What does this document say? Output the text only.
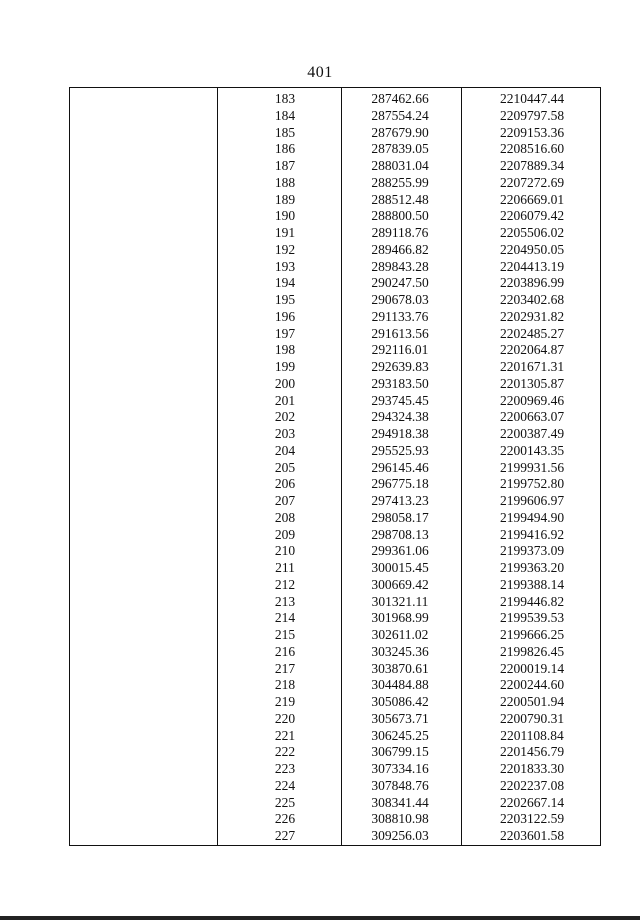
401
183	287462.66	2210447.44
184	287554.24	2209797.58
185	287679.90	2209153.36
186	287839.05	2208516.60
187	288031.04	2207889.34
188	288255.99	2207272.69
189	288512.48	2206669.01
190	288800.50	2206079.42
191	289118.76	2205506.02
192	289466.82	2204950.05
193	289843.28	2204413.19
194	290247.50	2203896.99
195	290678.03	2203402.68
196	291133.76	2202931.82
197	291613.56	2202485.27
198	292116.01	2202064.87
199	292639.83	2201671.31
200	293183.50	2201305.87
201	293745.45	2200969.46
202	294324.38	2200663.07
203	294918.38	2200387.49
204	295525.93	2200143.35
205	296145.46	2199931.56
206	296775.18	2199752.80
207	297413.23	2199606.97
208	298058.17	2199494.90
209	298708.13	2199416.92
210	299361.06	2199373.09
211	300015.45	2199363.20
212	300669.42	2199388.14
213	301321.11	2199446.82
214	301968.99	2199539.53
215	302611.02	2199666.25
216	303245.36	2199826.45
217	303870.61	2200019.14
218	304484.88	2200244.60
219	305086.42	2200501.94
220	305673.71	2200790.31
221	306245.25	2201108.84
222	306799.15	2201456.79
223	307334.16	2201833.30
224	307848.76	2202237.08
225	308341.44	2202667.14
226	308810.98	2203122.59
227	309256.03	2203601.58
